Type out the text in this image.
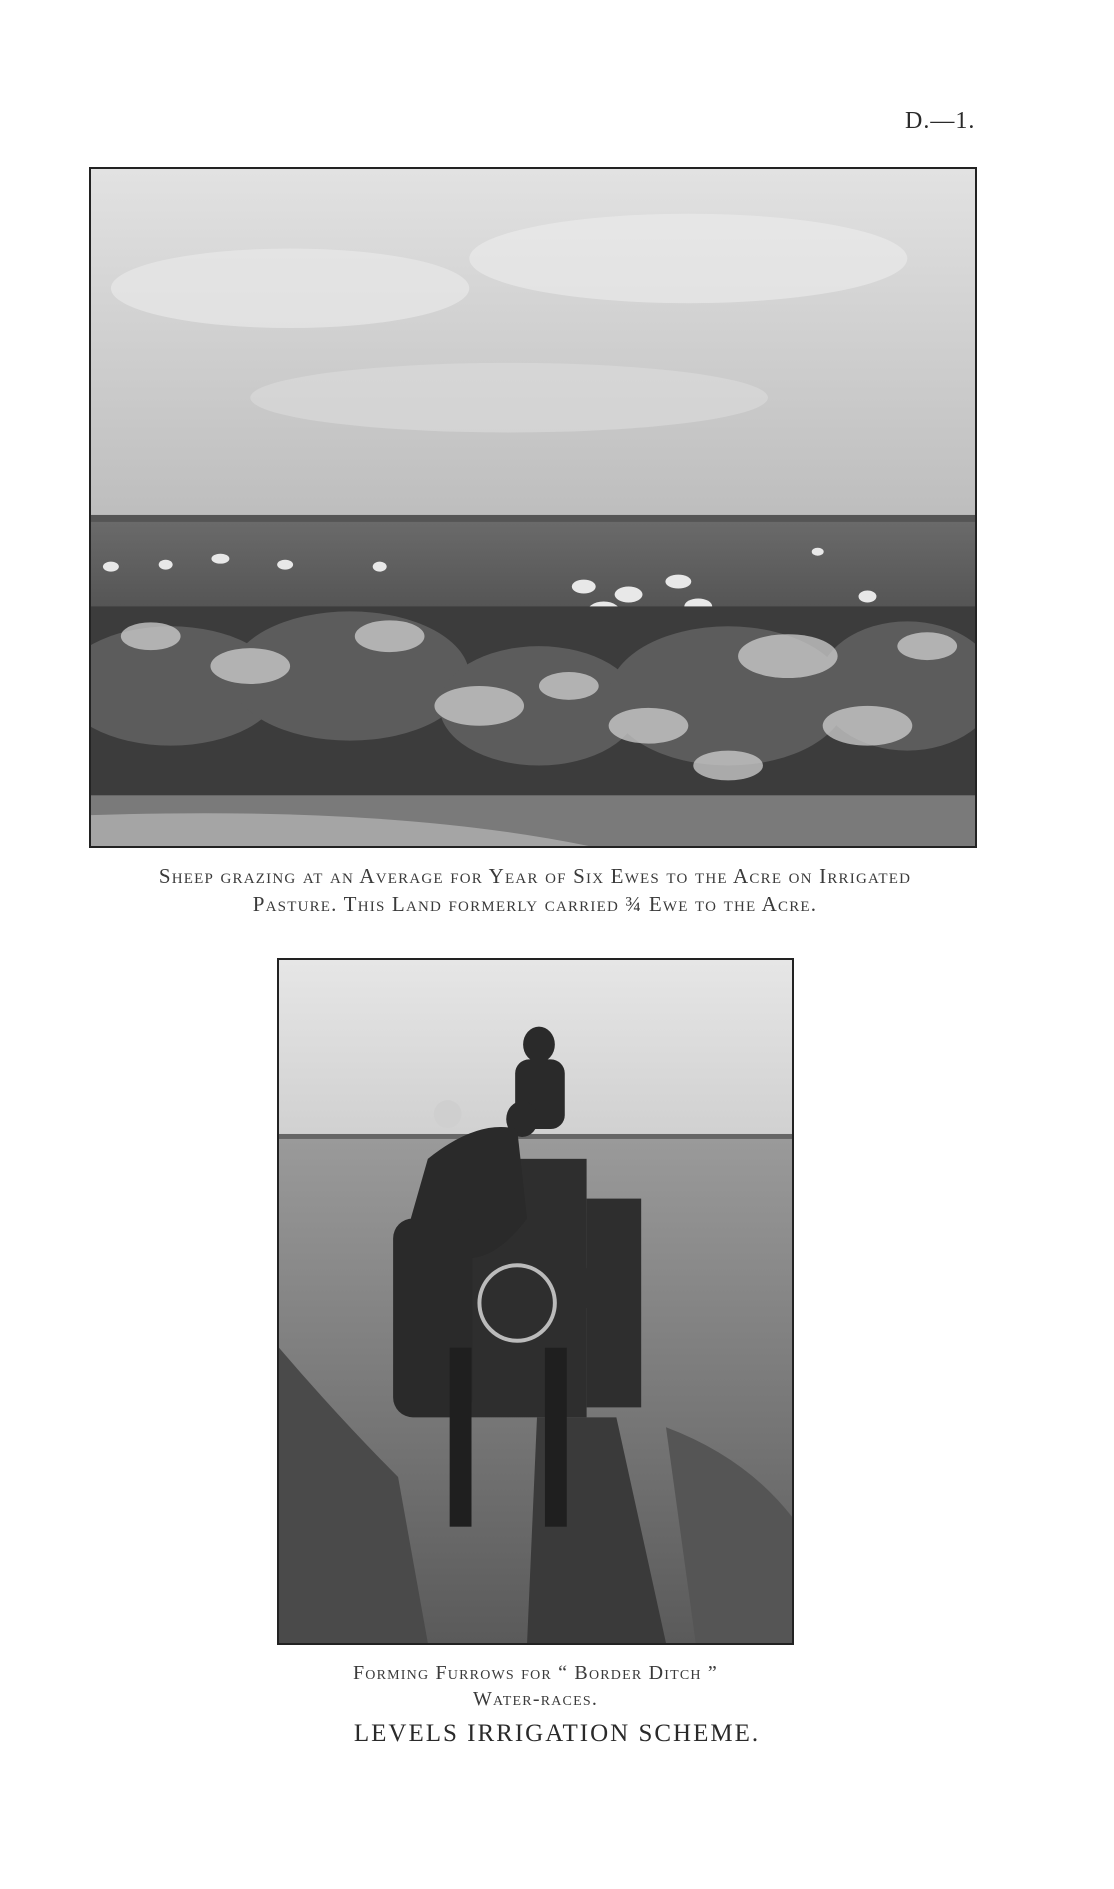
D.—1.
Sheep grazing at an Average for Year of Six Ewes to the Acre on Irrigated
Pasture. This Land formerly carried ¾ Ewe to the Acre.
Forming Furrows for “ Border Ditch ”
Water-races.
LEVELS IRRIGATION SCHEME.
